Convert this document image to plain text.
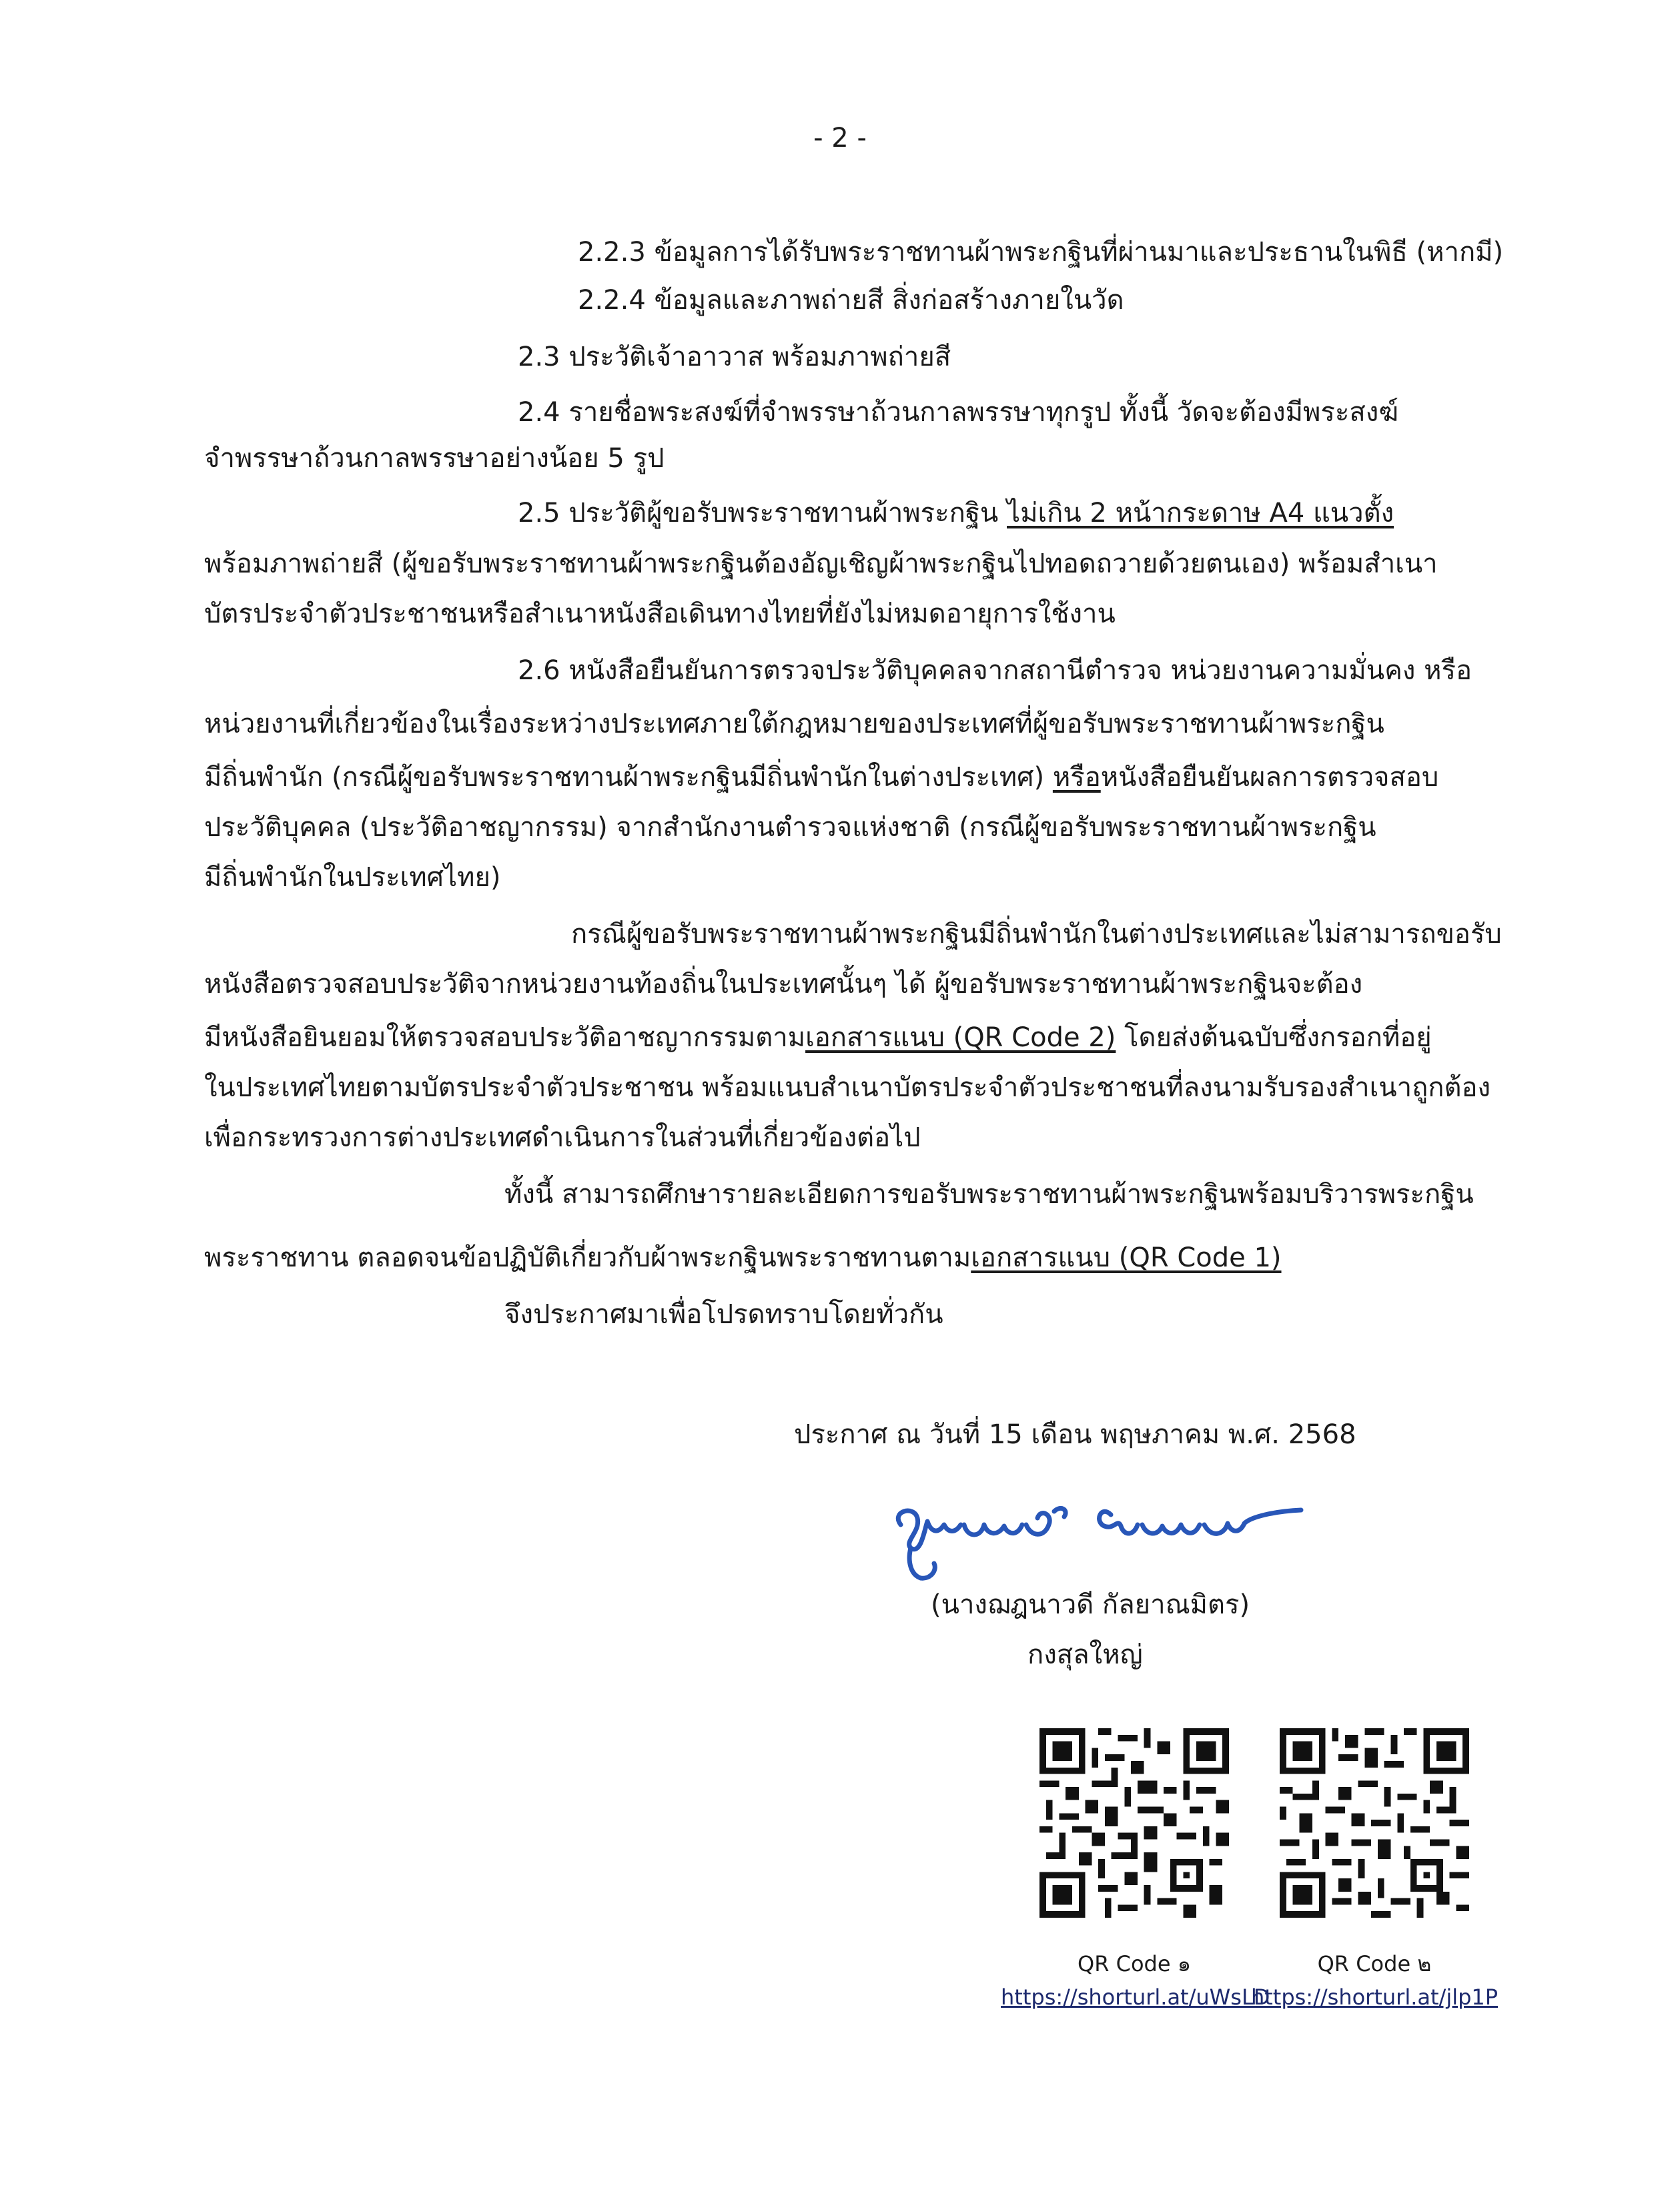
- 2 -
2.2.3 ข้อมูลการได้รับพระราชทานผ้าพระกฐินที่ผ่านมาและประธานในพิธี (หากมี)
2.2.4 ข้อมูลและภาพถ่ายสี สิ่งก่อสร้างภายในวัด
2.3 ประวัติเจ้าอาวาส พร้อมภาพถ่ายสี
2.4 รายชื่อพระสงฆ์ที่จำพรรษาถ้วนกาลพรรษาทุกรูป ทั้งนี้ วัดจะต้องมีพระสงฆ์
จำพรรษาถ้วนกาลพรรษาอย่างน้อย 5 รูป
2.5 ประวัติผู้ขอรับพระราชทานผ้าพระกฐิน ไม่เกิน 2 หน้ากระดาษ A4 แนวตั้ง
พร้อมภาพถ่ายสี (ผู้ขอรับพระราชทานผ้าพระกฐินต้องอัญเชิญผ้าพระกฐินไปทอดถวายด้วยตนเอง) พร้อมสำเนา
บัตรประจำตัวประชาชนหรือสำเนาหนังสือเดินทางไทยที่ยังไม่หมดอายุการใช้งาน
2.6 หนังสือยืนยันการตรวจประวัติบุคคลจากสถานีตำรวจ หน่วยงานความมั่นคง หรือ
หน่วยงานที่เกี่ยวข้องในเรื่องระหว่างประเทศภายใต้กฎหมายของประเทศที่ผู้ขอรับพระราชทานผ้าพระกฐิน
มีถิ่นพำนัก (กรณีผู้ขอรับพระราชทานผ้าพระกฐินมีถิ่นพำนักในต่างประเทศ) หรือหนังสือยืนยันผลการตรวจสอบ
ประวัติบุคคล (ประวัติอาชญากรรม) จากสำนักงานตำรวจแห่งชาติ (กรณีผู้ขอรับพระราชทานผ้าพระกฐิน
มีถิ่นพำนักในประเทศไทย)
กรณีผู้ขอรับพระราชทานผ้าพระกฐินมีถิ่นพำนักในต่างประเทศและไม่สามารถขอรับ
หนังสือตรวจสอบประวัติจากหน่วยงานท้องถิ่นในประเทศนั้นๆ ได้ ผู้ขอรับพระราชทานผ้าพระกฐินจะต้อง
มีหนังสือยินยอมให้ตรวจสอบประวัติอาชญากรรมตามเอกสารแนบ (QR Code 2) โดยส่งต้นฉบับซึ่งกรอกที่อยู่
ในประเทศไทยตามบัตรประจำตัวประชาชน พร้อมแนบสำเนาบัตรประจำตัวประชาชนที่ลงนามรับรองสำเนาถูกต้อง
เพื่อกระทรวงการต่างประเทศดำเนินการในส่วนที่เกี่ยวข้องต่อไป
ทั้งนี้ สามารถศึกษารายละเอียดการขอรับพระราชทานผ้าพระกฐินพร้อมบริวารพระกฐิน
พระราชทาน ตลอดจนข้อปฏิบัติเกี่ยวกับผ้าพระกฐินพระราชทานตามเอกสารแนบ (QR Code 1)
จึงประกาศมาเพื่อโปรดทราบโดยทั่วกัน
ประกาศ ณ วันที่ 15 เดือน พฤษภาคม พ.ศ. 2568
(นางฌฎนาวดี กัลยาณมิตร)
กงสุลใหญ่
QR Code ๑	QR Code ๒
https://shorturl.at/uWsLD
https://shorturl.at/jlp1P
